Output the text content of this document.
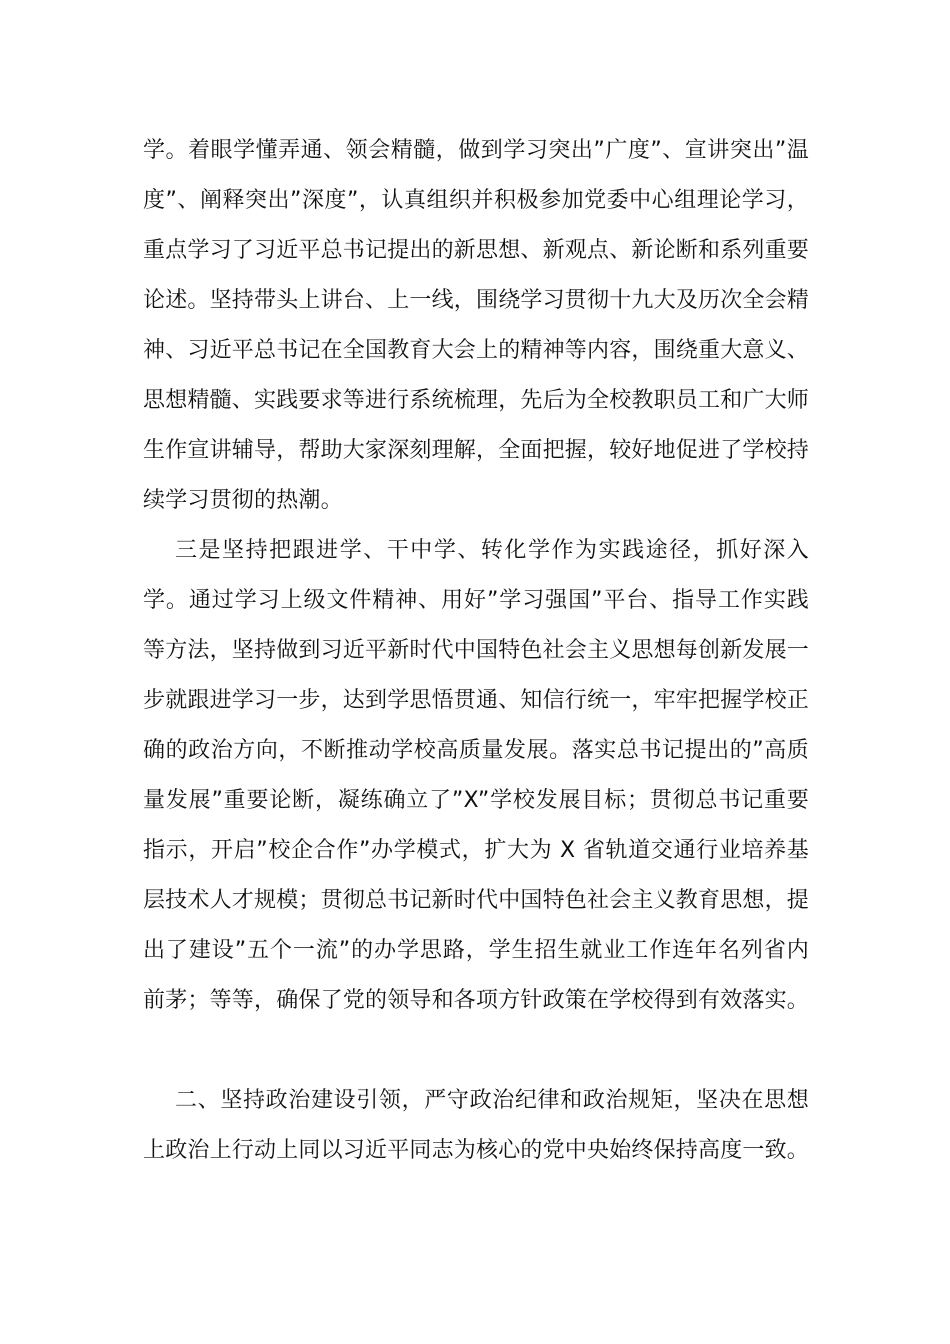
学。着眼学懂弄通、领会精髓，做到学习突出”广度”、宣讲突出”温度”、阐释突出”深度”，认真组织并积极参加党委中心组理论学习，重点学习了习近平总书记提出的新思想、新观点、新论断和系列重要论述。坚持带头上讲台、上一线，围绕学习贯彻十九大及历次全会精神、习近平总书记在全国教育大会上的精神等内容，围绕重大意义、思想精髓、实践要求等进行系统梳理，先后为全校教职员工和广大师生作宣讲辅导，帮助大家深刻理解，全面把握，较好地促进了学校持续学习贯彻的热潮。

三是坚持把跟进学、干中学、转化学作为实践途径，抓好深入学。通过学习上级文件精神、用好”学习强国”平台、指导工作实践等方法，坚持做到习近平新时代中国特色社会主义思想每创新发展一步就跟进学习一步，达到学思悟贯通、知信行统一，牢牢把握学校正确的政治方向，不断推动学校高质量发展。落实总书记提出的”高质量发展”重要论断，凝练确立了”X”学校发展目标；贯彻总书记重要指示，开启”校企合作”办学模式，扩大为 X 省轨道交通行业培养基层技术人才规模；贯彻总书记新时代中国特色社会主义教育思想，提出了建设”五个一流”的办学思路，学生招生就业工作连年名列省内前茅；等等，确保了党的领导和各项方针政策在学校得到有效落实。

二、坚持政治建设引领，严守政治纪律和政治规矩，坚决在思想上政治上行动上同以习近平同志为核心的党中央始终保持高度一致。
